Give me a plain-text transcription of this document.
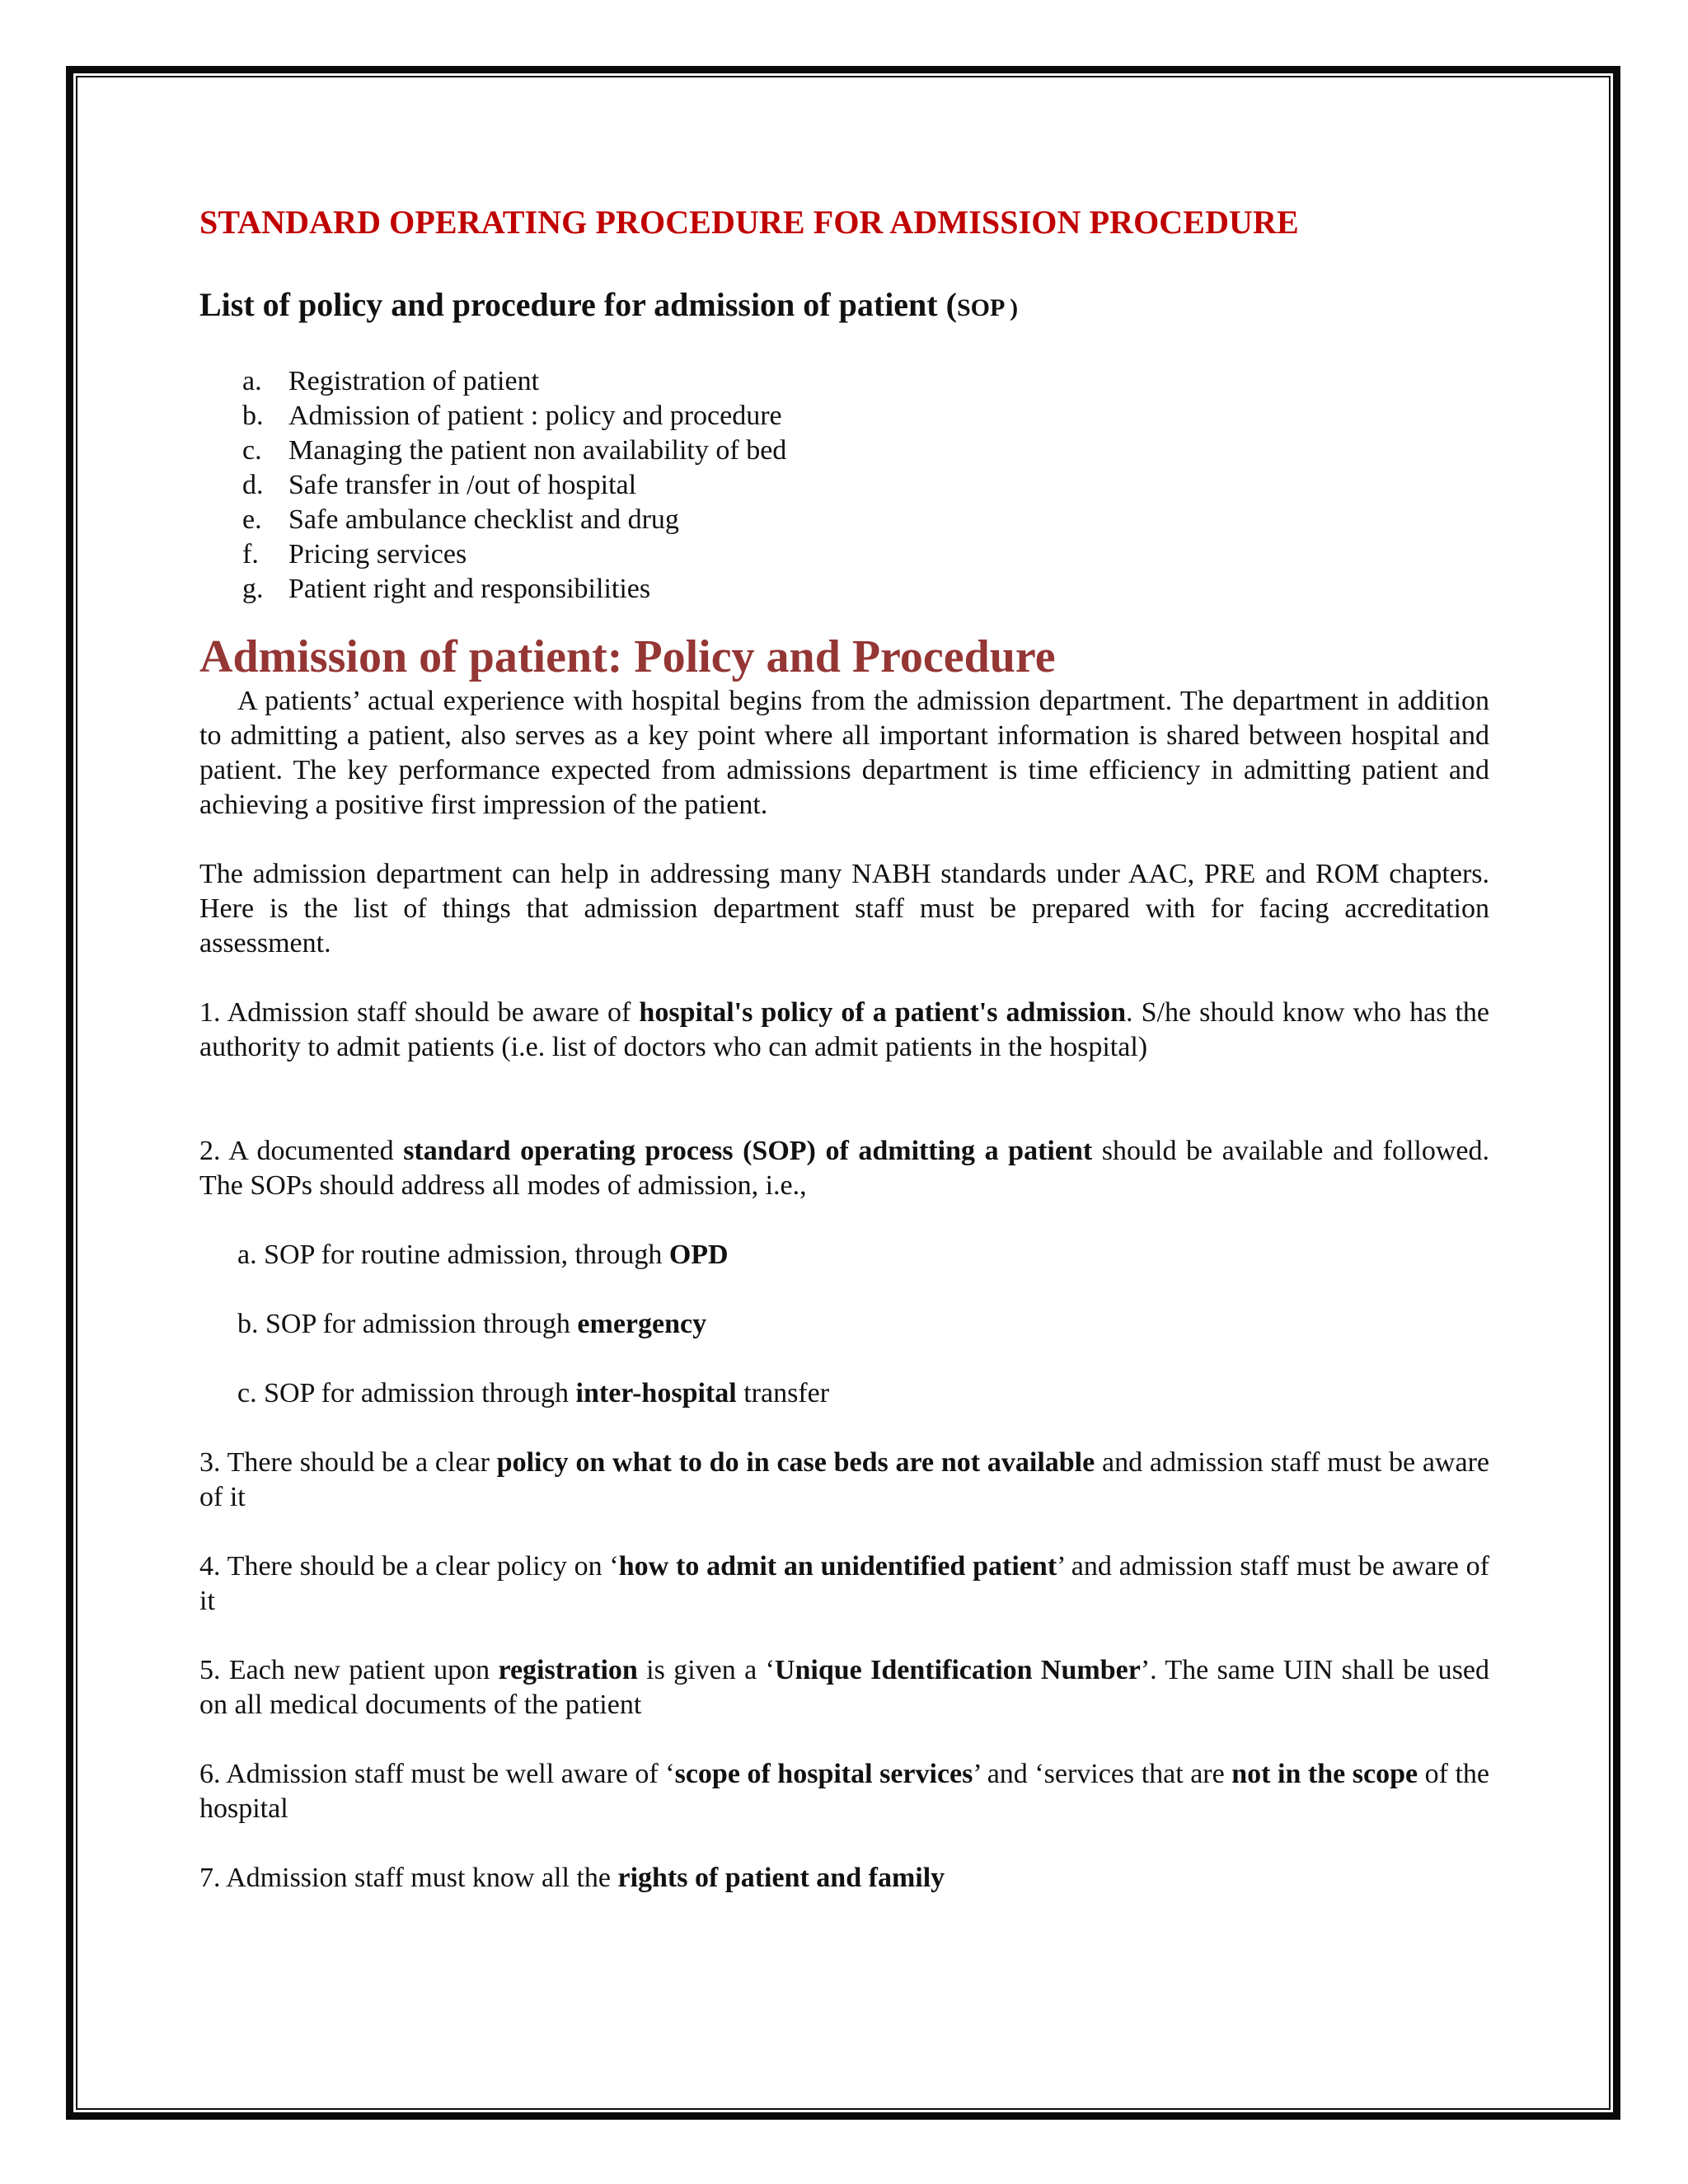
STANDARD OPERATING PROCEDURE FOR ADMISSION PROCEDURE
List of policy and procedure for admission of patient (SOP )
a. Registration of patient
b. Admission of patient : policy and procedure
c. Managing the patient non availability of bed
d. Safe transfer in /out of hospital
e. Safe ambulance checklist and drug
f.	Pricing services
g. Patient right and responsibilities
Admission of patient: Policy and Procedure

A patients’ actual experience with hospital begins from the admission department. The department in addition to admitting a patient, also serves as a key point where all important information is shared between hospital and patient. The key performance expected from admissions department is time efficiency in admitting patient and achieving a positive first impression of the patient.

The admission department can help in addressing many NABH standards under AAC, PRE and ROM chapters. Here is the list of things that admission department staff must be prepared with for facing accreditation assessment.

1. Admission staff should be aware of hospital's policy of a patient's admission. S/he should know who has the authority to admit patients (i.e. list of doctors who can admit patients in the hospital)

2. A documented standard operating process (SOP) of admitting a patient should be available and followed. The SOPs should address all modes of admission, i.e.,

a. SOP for routine admission, through OPD

b. SOP for admission through emergency

c. SOP for admission through inter-hospital transfer

3. There should be a clear policy on what to do in case beds are not available and admission staff must be aware of it

4. There should be a clear policy on ‘how to admit an unidentified patient’ and admission staff must be aware of it

5. Each new patient upon registration is given a ‘Unique Identification Number’. The same UIN shall be used on all medical documents of the patient

6. Admission staff must be well aware of ‘scope of hospital services’ and ‘services that are not in the scope of the hospital

7. Admission staff must know all the rights of patient and family
